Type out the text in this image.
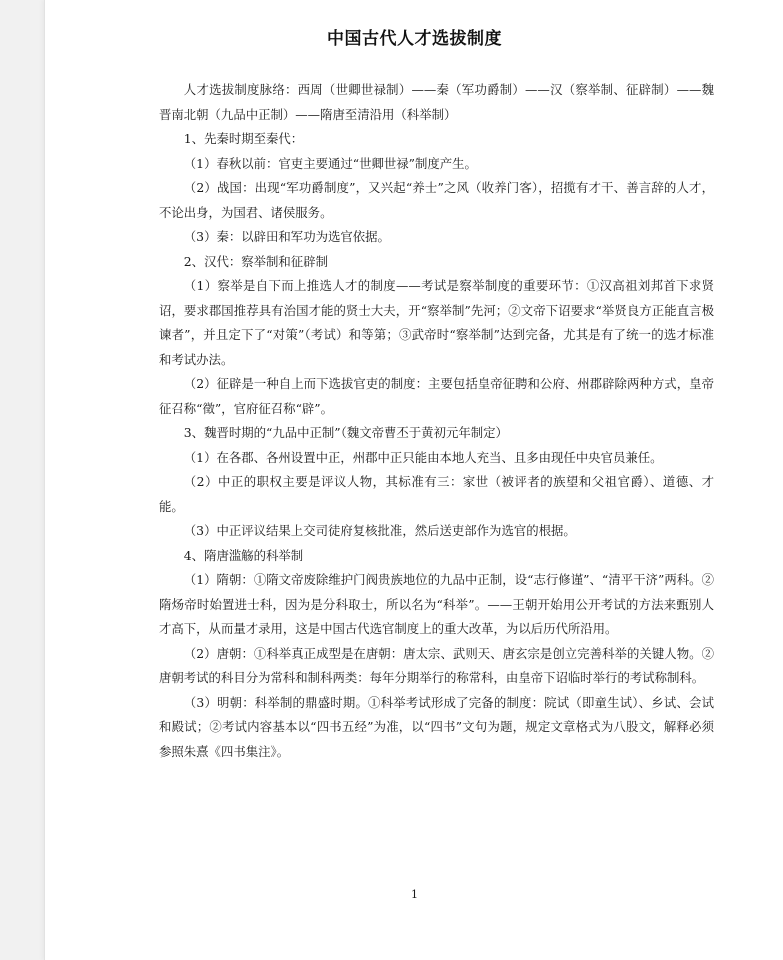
中国古代人才选拔制度

人才选拔制度脉络：西周（世卿世禄制）——秦（军功爵制）——汉（察举制、征辟制）——魏晋南北朝（九品中正制）——隋唐至清沿用（科举制）

1、先秦时期至秦代：

（1）春秋以前：官吏主要通过“世卿世禄”制度产生。

（2）战国：出现“军功爵制度”，又兴起“养士”之风（收养门客），招揽有才干、善言辞的人才，不论出身，为国君、诸侯服务。

（3）秦：以辟田和军功为选官依据。

2、汉代：察举制和征辟制

（1）察举是自下而上推选人才的制度——考试是察举制度的重要环节：①汉高祖刘邦首下求贤诏，要求郡国推荐具有治国才能的贤士大夫，开“察举制”先河；②文帝下诏要求“举贤良方正能直言极谏者”，并且定下了“对策”（考试）和等第；③武帝时“察举制”达到完备，尤其是有了统一的选才标准和考试办法。

（2）征辟是一种自上而下选拔官吏的制度：主要包括皇帝征聘和公府、州郡辟除两种方式，皇帝征召称“徵”，官府征召称“辟”。

3、魏晋时期的“九品中正制”（魏文帝曹丕于黄初元年制定）

（1）在各郡、各州设置中正，州郡中正只能由本地人充当、且多由现任中央官员兼任。

（2）中正的职权主要是评议人物，其标准有三：家世（被评者的族望和父祖官爵）、道德、才能。

（3）中正评议结果上交司徒府复核批准，然后送吏部作为选官的根据。

4、隋唐滥觞的科举制

（1）隋朝：①隋文帝废除维护门阀贵族地位的九品中正制，设“志行修谨”、“清平干济”两科。②隋炀帝时始置进士科，因为是分科取士，所以名为“科举”。——王朝开始用公开考试的方法来甄别人才高下，从而量才录用，这是中国古代选官制度上的重大改革，为以后历代所沿用。

（2）唐朝：①科举真正成型是在唐朝：唐太宗、武则天、唐玄宗是创立完善科举的关键人物。②唐朝考试的科目分为常科和制科两类：每年分期举行的称常科，由皇帝下诏临时举行的考试称制科。

（3）明朝：科举制的鼎盛时期。①科举考试形成了完备的制度：院试（即童生试）、乡试、会试和殿试；②考试内容基本以“四书五经”为准，以“四书”文句为题，规定文章格式为八股文，解释必须参照朱熹《四书集注》。

1
